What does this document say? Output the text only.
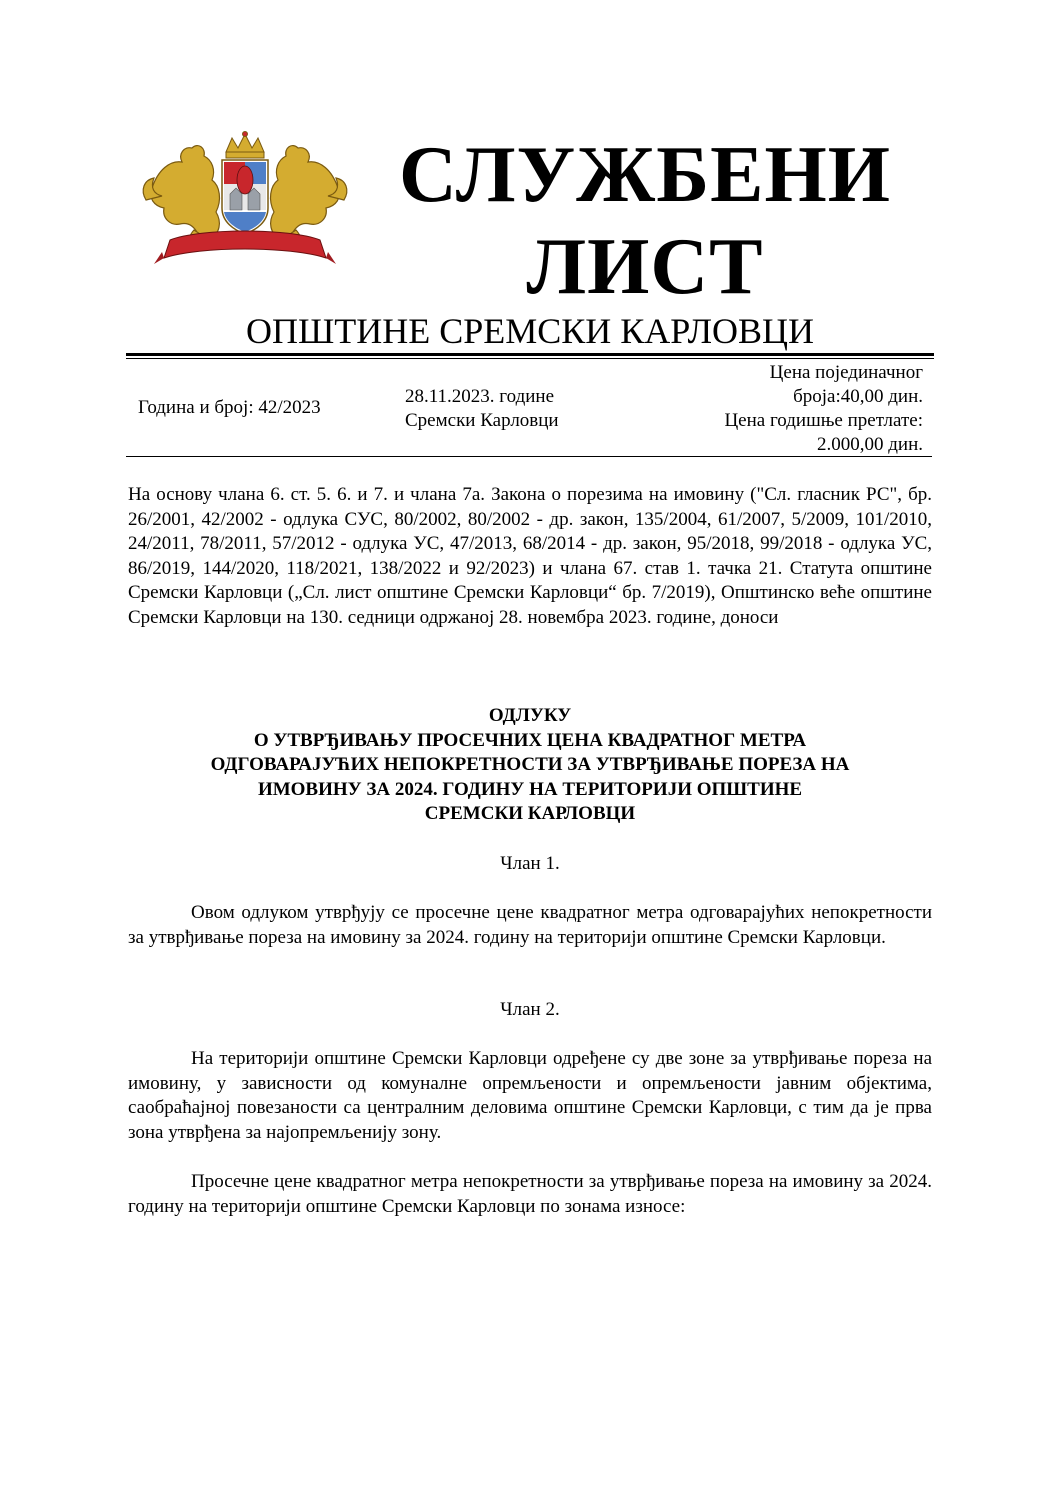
СЛУЖБЕНИ
ЛИСТ
ОПШТИНЕ СРЕМСКИ КАРЛОВЦИ
Година и број: 42/2023
28.11.2023. године
Сремски Карловци
Цена појединачног
броја:40,00 дин.
Цена годишње претлате:
2.000,00 дин.
На основу члана 6. ст. 5. 6. и 7. и члана 7а. Закона о порезима на имовину ("Сл. гласник РС", бр. 26/2001, 42/2002 - одлука СУС, 80/2002, 80/2002 - др. закон, 135/2004, 61/2007, 5/2009, 101/2010, 24/2011, 78/2011, 57/2012 - одлука УС, 47/2013, 68/2014 - др. закон, 95/2018, 99/2018 - одлука УС, 86/2019, 144/2020, 118/2021, 138/2022 и 92/2023) и члана 67. став 1. тачка 21. Статута општине Сремски Карловци („Сл. лист општине Сремски Карловци“ бр. 7/2019), Општинско веће општине Сремски Карловци на 130. седници одржаној 28. новембра 2023. године, доноси
ОДЛУКУ
О УТВРЂИВАЊУ ПРОСЕЧНИХ ЦЕНА КВАДРАТНОГ МЕТРА
ОДГОВАРАЈУЋИХ НЕПОКРЕТНОСТИ ЗА УТВРЂИВАЊЕ ПОРЕЗА НА
ИМОВИНУ ЗА 2024. ГОДИНУ НА ТЕРИТОРИЈИ ОПШТИНЕ
СРЕМСКИ КАРЛОВЦИ
Члан 1.
Овом одлуком утврђују се просечне цене квадратног метра одговарајућих непокретности за утврђивање пореза на имовину за 2024. годину на територији општине Сремски Карловци.
Члан 2.
На територији општине Сремски Карловци одређене су две зоне за утврђивање пореза на имовину, у зависности од комуналне опремљености и опремљености јавним објектима, саобраћајној повезаности са централним деловима општине Сремски Карловци, с тим да је прва зона утврђена за најопремљенију зону.
Просечне цене квадратног метра непокретности за утврђивање пореза на имовину за 2024. годину на територији општине Сремски Карловци по зонама износе:
